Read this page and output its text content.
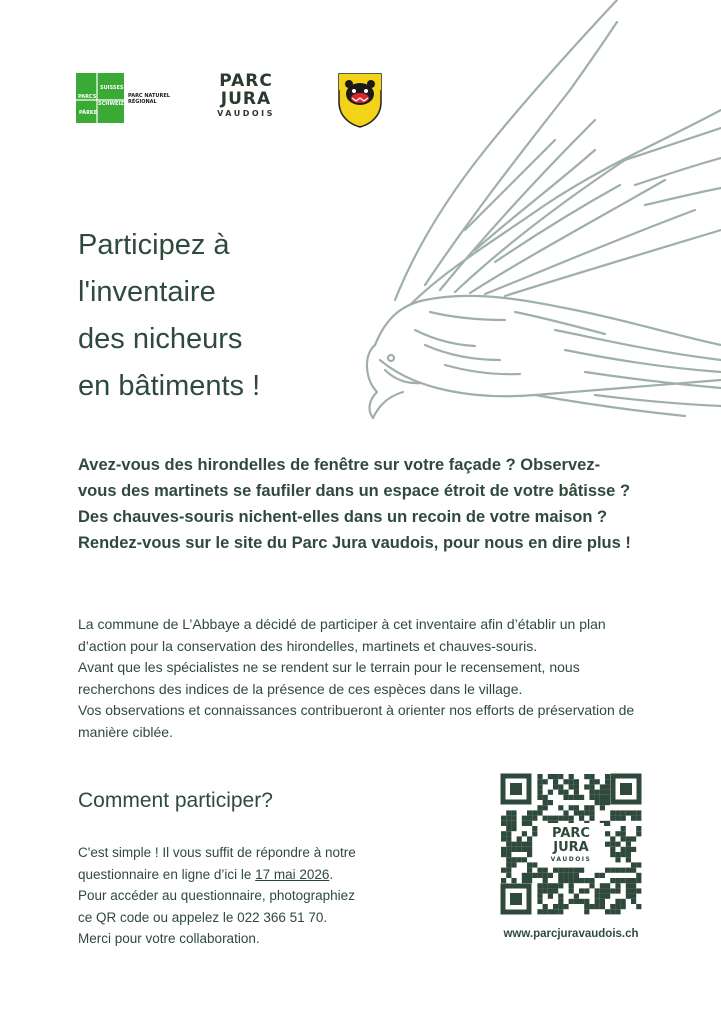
PARCS
SUISSES
SCHWEIZER
PÄRKE
PARC NATUREL
RÉGIONAL
PARC
JURA
VAUDOIS
Participez à
l'inventaire
des nicheurs
en bâtiments !

Avez-vous des hirondelles de fenêtre sur votre façade ? Observez-vous des martinets se faufiler dans un espace étroit de votre bâtisse ? Des chauves-souris nichent-elles dans un recoin de votre maison ? Rendez-vous sur le site du Parc Jura vaudois, pour nous en dire plus !

La commune de L’Abbaye a décidé de participer à cet inventaire afin d’établir un plan d’action pour la conservation des hirondelles, martinets et chauves-souris.
Avant que les spécialistes ne se rendent sur le terrain pour le recensement, nous recherchons des indices de la présence de ces espèces dans le village.
Vos observations et connaissances contribueront à orienter nos efforts de préservation de manière ciblée.
Comment participer?
C'est simple ! Il vous suffit de répondre à notre
questionnaire en ligne d’ici le 17 mai 2026.
Pour accéder au questionnaire, photographiez
ce QR code ou appelez le 022 366 51 70.
Merci pour votre collaboration.
PARC
JURA
VAUDOIS
www.parcjuravaudois.ch
